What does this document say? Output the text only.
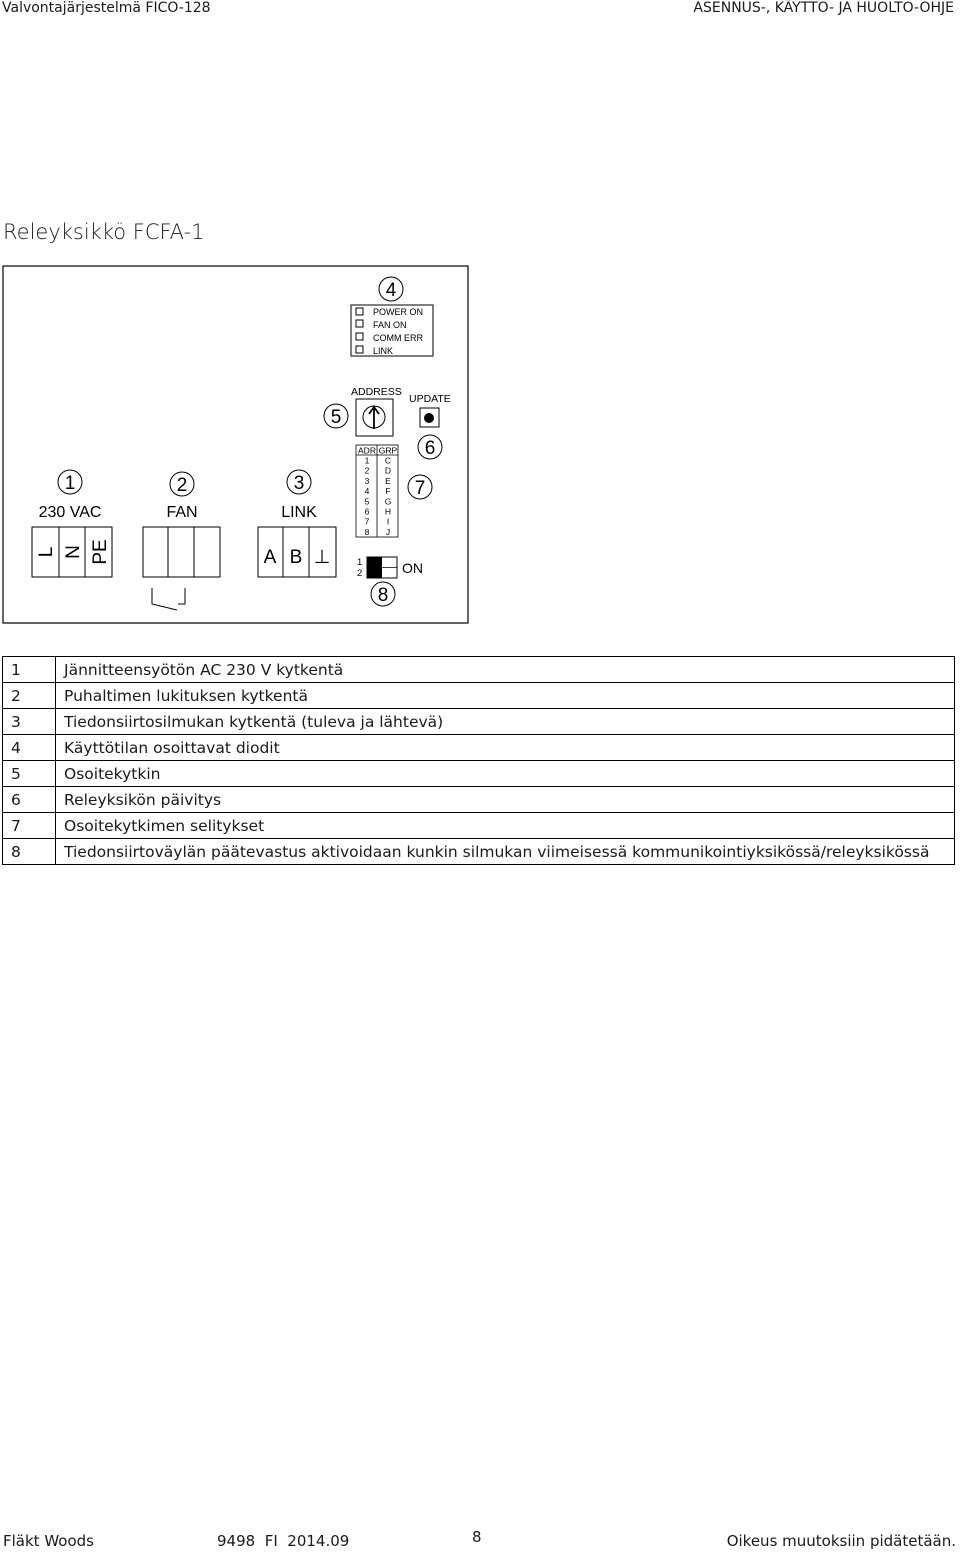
Valvontajärjestelmä FICO-128	ASENNUS-, KÄYTTÖ- JA HUOLTO-OHJE
Releyksikkö FCFA-1
4
POWER ON
FAN ON
COMM ERR
LINK
ADDRESS
5
UPDATE
6
ADR GRP
1 C
2 D
3 E
4 F
5 G
6 H
7 I
8 J
7
1	2	3
230 VAC	FAN	LINK
L N PE	A B ⊥	1
2	ON
8
1	Jännitteensyötön AC 230 V kytkentä
2	Puhaltimen lukituksen kytkentä
3	Tiedonsiirtosilmukan kytkentä (tuleva ja lähtevä)
4	Käyttötilan osoittavat diodit
5	Osoitekytkin
6	Releyksikön päivitys
7	Osoitekytkimen selitykset
8	Tiedonsiirtoväylän päätevastus aktivoidaan kunkin silmukan viimeisessä kommunikointiyksikössä/releyksikössä
Fläkt Woods	9498  FI  2014.09	8	Oikeus muutoksiin pidätetään.
